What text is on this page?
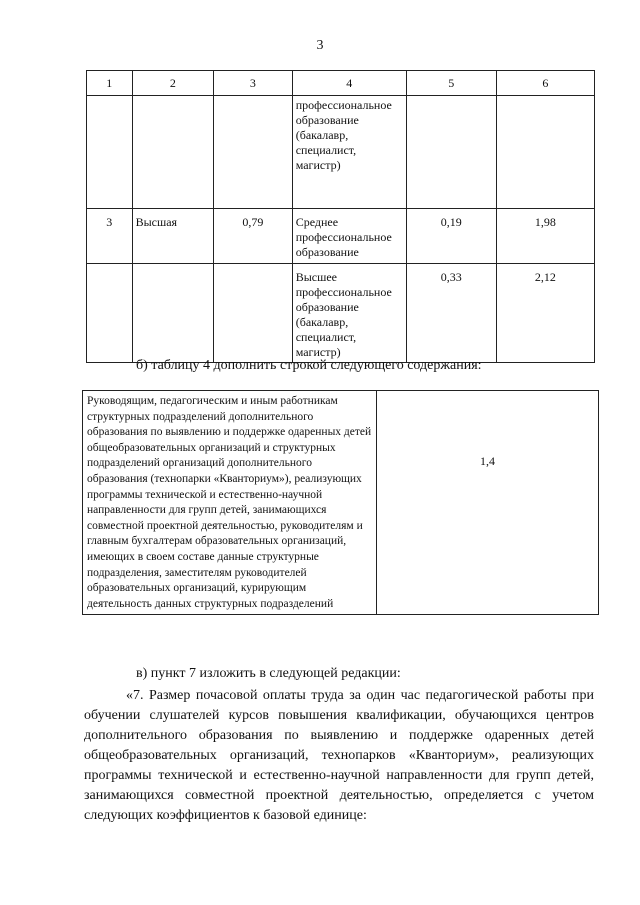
3
1	2	3	4	5	6
			профессиональное образование (бакалавр, специалист, магистр)		
3	Высшая	0,79	Среднее профессиональное образование	0,19	1,98
			Высшее профессиональное образование (бакалавр, специалист, магистр)	0,33	2,12
б) таблицу 4 дополнить строкой следующего содержания:
Руководящим, педагогическим и иным работникам структурных подразделений дополнительного образования по выявлению и поддержке одаренных детей общеобразовательных организаций и структурных подразделений организаций дополнительного образования (технопарки «Кванториум»), реализующих программы технической и естественно-научной направленности для групп детей, занимающихся совместной проектной деятельностью, руководителям и главным бухгалтерам образовательных организаций, имеющих в своем составе данные структурные подразделения, заместителям руководителей образовательных организаций, курирующим деятельность данных структурных подразделений	1,4
в) пункт 7 изложить в следующей редакции:
«7. Размер почасовой оплаты труда за один час педагогической работы при обучении слушателей курсов повышения квалификации, обучающихся центров дополнительного образования по выявлению и поддержке одаренных детей общеобразовательных организаций, технопарков «Кванториум», реализующих программы технической и естественно-научной направленности для групп детей, занимающихся совместной проектной деятельностью, определяется с учетом следующих коэффициентов к базовой единице:
